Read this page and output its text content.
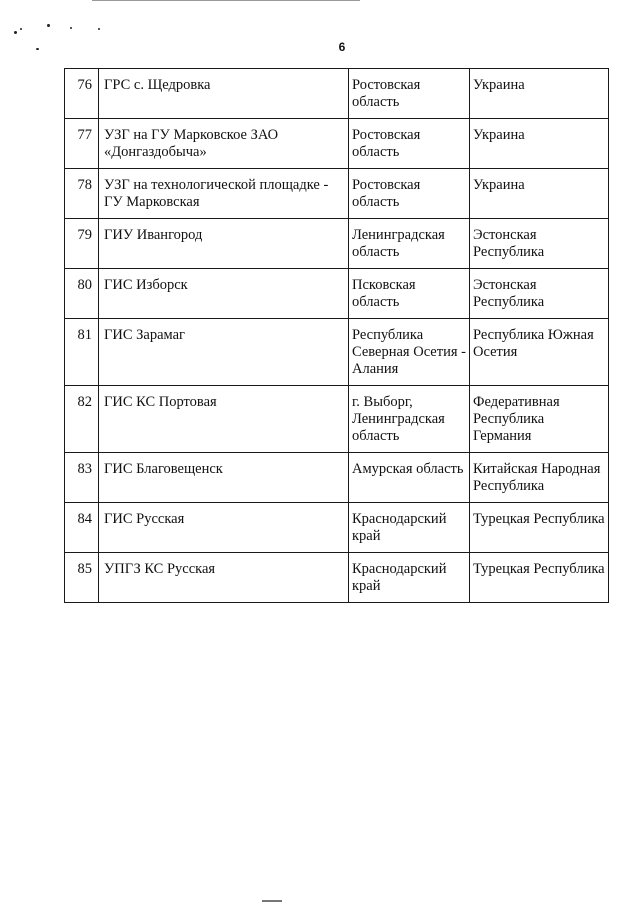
6
76	ГРС с. Щедровка	Ростовская область	Украина
77	УЗГ на ГУ Марковское ЗАО «Донгаздобыча»	Ростовская область	Украина
78	УЗГ на технологической площадке - ГУ Марковская	Ростовская область	Украина
79	ГИУ Ивангород	Ленинградская область	Эстонская Республика
80	ГИС Изборск	Псковская область	Эстонская Республика
81	ГИС Зарамаг	Республика Северная Осетия - Алания	Республика Южная Осетия
82	ГИС КС Портовая	г. Выборг, Ленинградская область	Федеративная Республика Германия
83	ГИС Благовещенск	Амурская область	Китайская Народная Республика
84	ГИС Русская	Краснодарский край	Турецкая Республика
85	УПГЗ КС Русская	Краснодарский край	Турецкая Республика
